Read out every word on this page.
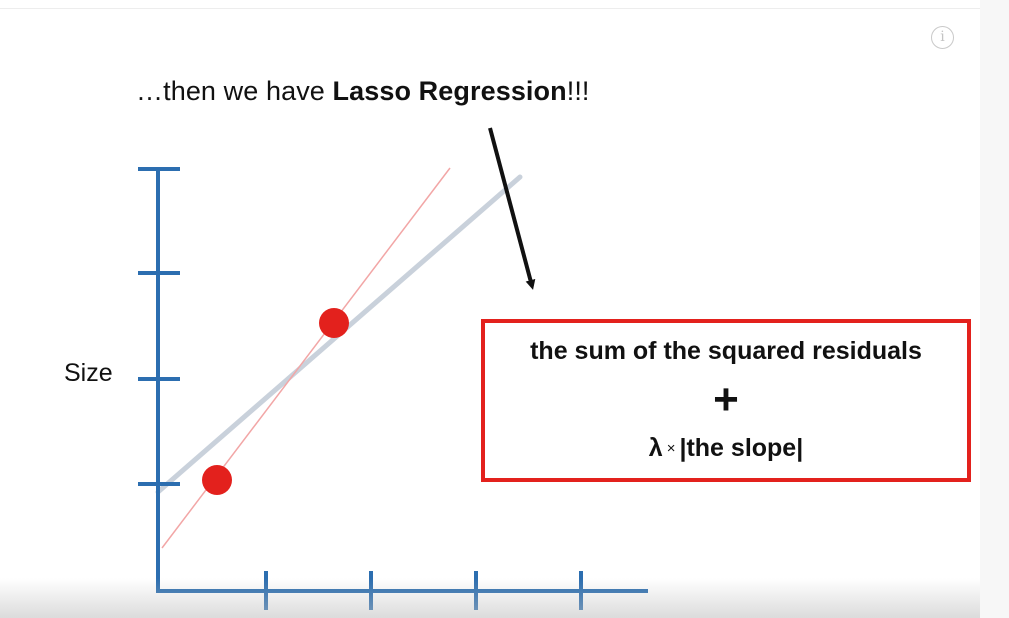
i
…then we have Lasso Regression!!!
Size
the sum of the squared residuals
+
λ × |the slope|
